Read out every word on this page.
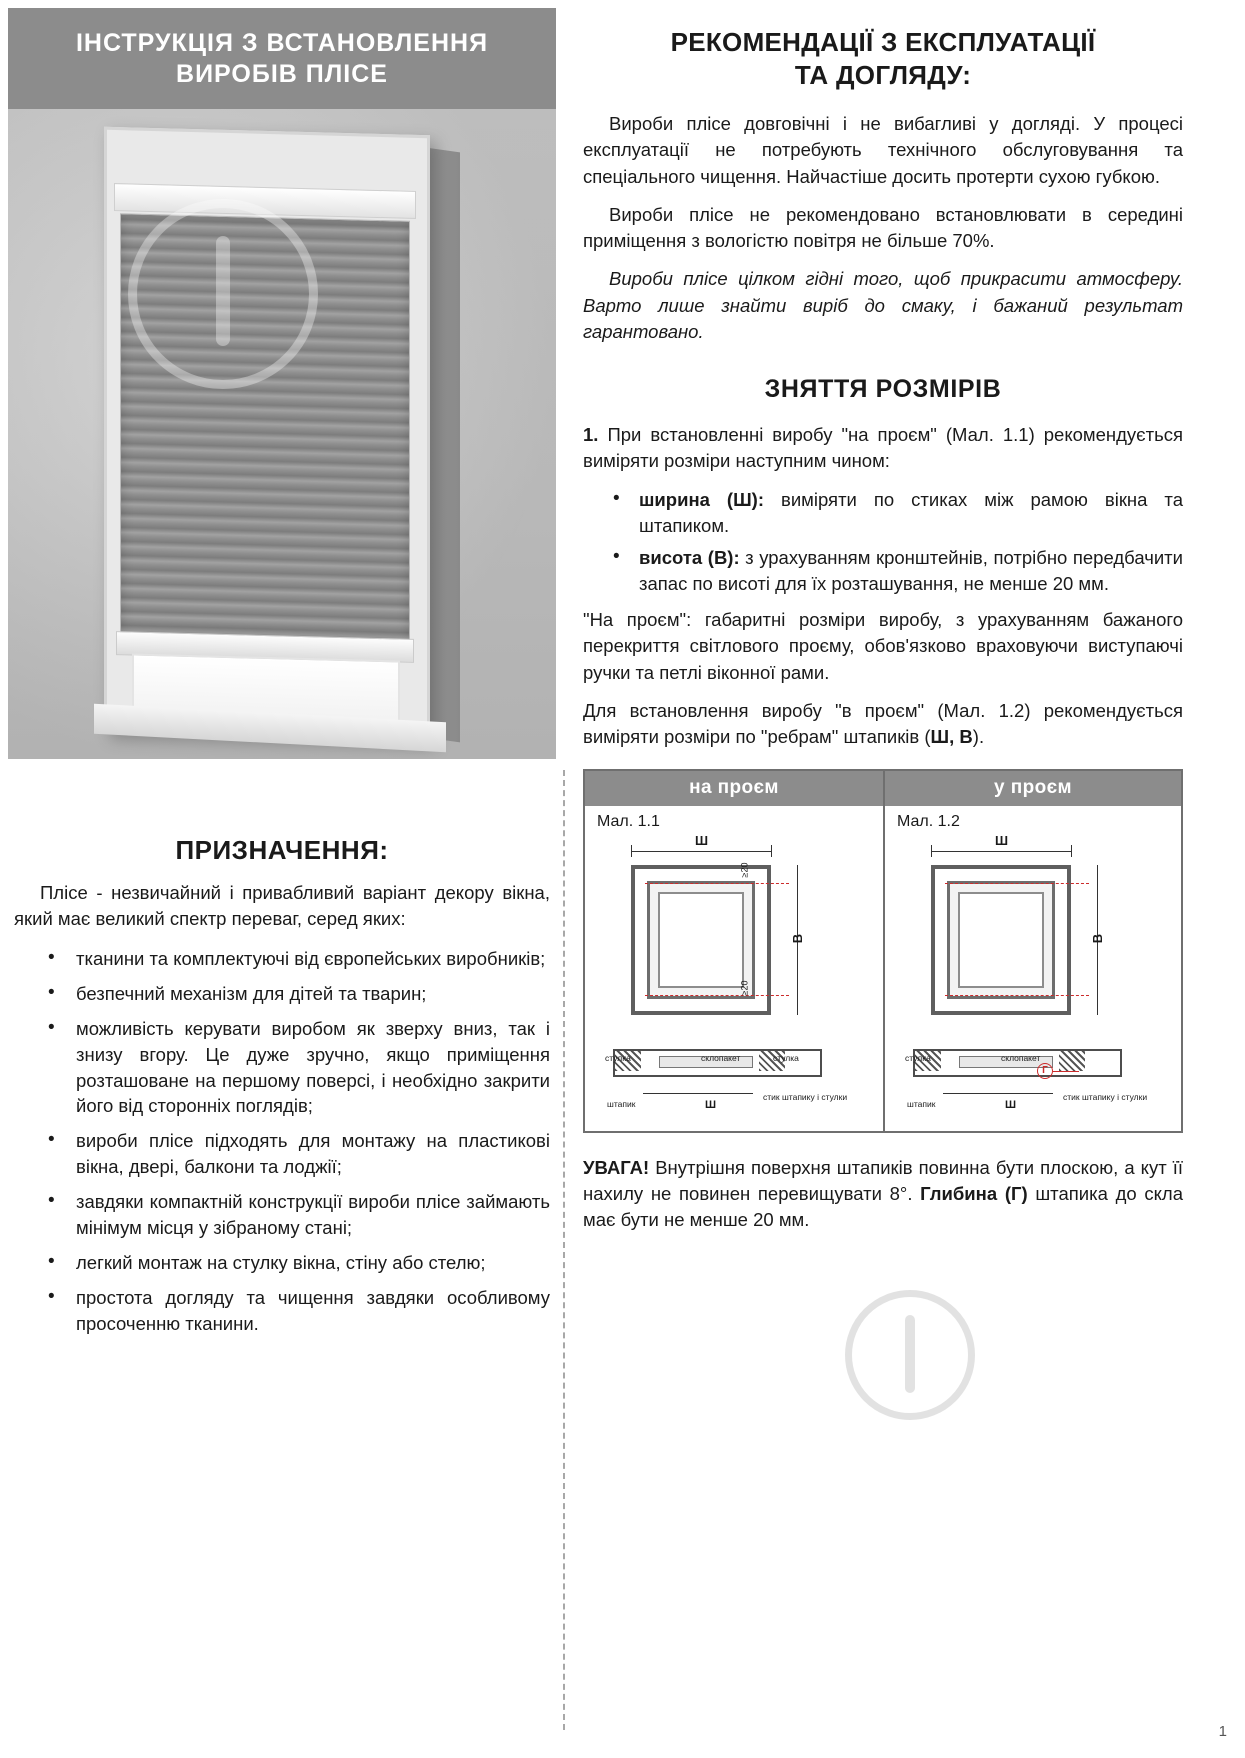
ІНСТРУКЦІЯ З ВСТАНОВЛЕННЯ
ВИРОБІВ ПЛІСЕ
ПРИЗНАЧЕННЯ:

Пліcе - незвичайний і привабливий варіант декору вікна, який має великий спектр переваг, серед яких:

• тканини та комплектуючі від європейських виробників;
• безпечний механізм для дітей та тварин;
• можливість керувати виробом як зверху вниз, так і знизу вгору. Це дуже зручно, якщо приміщення розташоване на першому поверсі, і необхідно закрити його від сторонніх поглядів;
• вироби пліcе підходять для монтажу на пластикові вікна, двері, балкони та лоджії;
• завдяки компактній конструкції вироби пліcе займають мінімум місця у зібраному стані;
• легкий монтаж на стулку вікна, стіну або стелю;
• простота догляду та чищення завдяки особливому просоченню тканини.
РЕКОМЕНДАЦІЇ З ЕКСПЛУАТАЦІЇ
ТА ДОГЛЯДУ:

Вироби пліcе довговічні і не вибагливі у догляді. У процесі експлуатації не потребують технічного обслуговування та спеціального чищення. Найчастіше досить протерти сухою губкою.

Вироби пліcе не рекомендовано встановлювати в середині приміщення з вологістю повітря не більше 70%.

Вироби пліcе цілком гідні того, щоб прикрасити атмосферу. Варто лише знайти виріб до смаку, і бажаний результат гарантовано.

ЗНЯТТЯ РОЗМІРІВ

1. При встановленні виробу "на проєм" (Мал. 1.1) рекомендується виміряти розміри наступним чином:

• ширина (Ш): виміряти по стиках між рамою вікна та штапиком.
• висота (В): з урахуванням кронштейнів, потрібно передбачити запас по висоті для їх розташування, не менше 20 мм.

"На проєм": габаритні розміри виробу, з урахуванням бажаного перекриття світлового проєму, обов'язково враховуючи виступаючі ручки та петлі віконної рами.

Для встановлення виробу "в проєм" (Мал. 1.2) рекомендується виміряти розміри по "ребрам" штапиків (Ш, В).

на проєм
Мал. 1.1
Ш
В
≥20
≥20
стулка	склопакет	стулка
штапик	Ш
стик штапику і стулки
у проєм
Мал. 1.2
Ш
В
Г
стулка	склопакет
штапик	Ш
стик штапику і стулки
УВАГА! Внутрішня поверхня штапиків повинна бути плоскою, а кут її нахилу не повинен перевищувати 8°. Глибина (Г) штапика до скла має бути не менше 20 мм.
1
